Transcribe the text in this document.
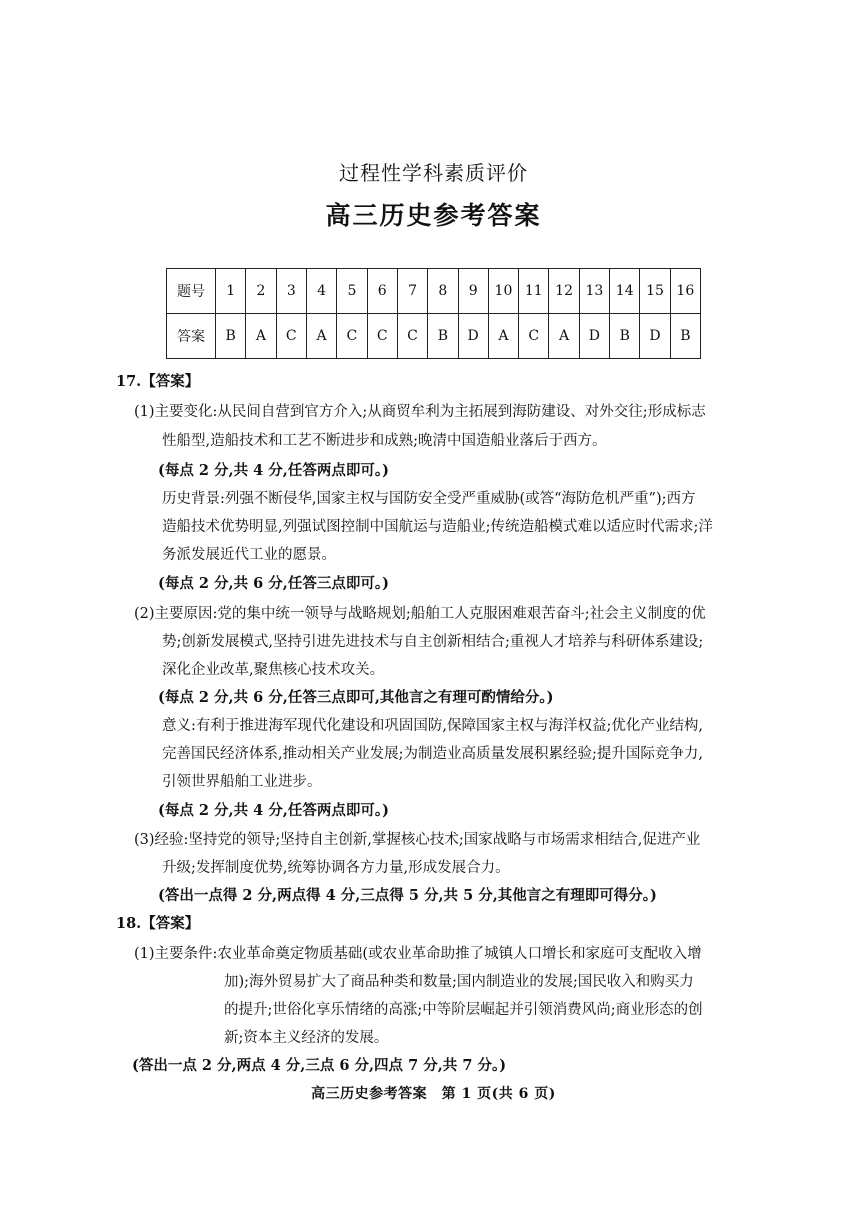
过程性学科素质评价
高三历史参考答案
题号	1	2	3	4	5	6	7	8	9	10	11	12	13	14	15	16
答案	B	A	C	A	C	C	C	B	D	A	C	A	D	B	D	B
17.【答案】
(1)主要变化:从民间自营到官方介入;从商贸牟利为主拓展到海防建设、对外交往;形成标志
性船型,造船技术和工艺不断进步和成熟;晚清中国造船业落后于西方。
(每点 2 分,共 4 分,任答两点即可。)
历史背景:列强不断侵华,国家主权与国防安全受严重威胁(或答“海防危机严重”);西方
造船技术优势明显,列强试图控制中国航运与造船业;传统造船模式难以适应时代需求;洋
务派发展近代工业的愿景。
(每点 2 分,共 6 分,任答三点即可。)
(2)主要原因:党的集中统一领导与战略规划;船舶工人克服困难艰苦奋斗;社会主义制度的优
势;创新发展模式,坚持引进先进技术与自主创新相结合;重视人才培养与科研体系建设;
深化企业改革,聚焦核心技术攻关。
(每点 2 分,共 6 分,任答三点即可,其他言之有理可酌情给分。)
意义:有利于推进海军现代化建设和巩固国防,保障国家主权与海洋权益;优化产业结构,
完善国民经济体系,推动相关产业发展;为制造业高质量发展积累经验;提升国际竞争力,
引领世界船舶工业进步。
(每点 2 分,共 4 分,任答两点即可。)
(3)经验:坚持党的领导;坚持自主创新,掌握核心技术;国家战略与市场需求相结合,促进产业
升级;发挥制度优势,统筹协调各方力量,形成发展合力。
(答出一点得 2 分,两点得 4 分,三点得 5 分,共 5 分,其他言之有理即可得分。)
18.【答案】
(1)主要条件:农业革命奠定物质基础(或农业革命助推了城镇人口增长和家庭可支配收入增
加);海外贸易扩大了商品种类和数量;国内制造业的发展;国民收入和购买力
的提升;世俗化享乐情绪的高涨;中等阶层崛起并引领消费风尚;商业形态的创
新;资本主义经济的发展。
(答出一点 2 分,两点 4 分,三点 6 分,四点 7 分,共 7 分。)
高三历史参考答案　第 1 页(共 6 页)
